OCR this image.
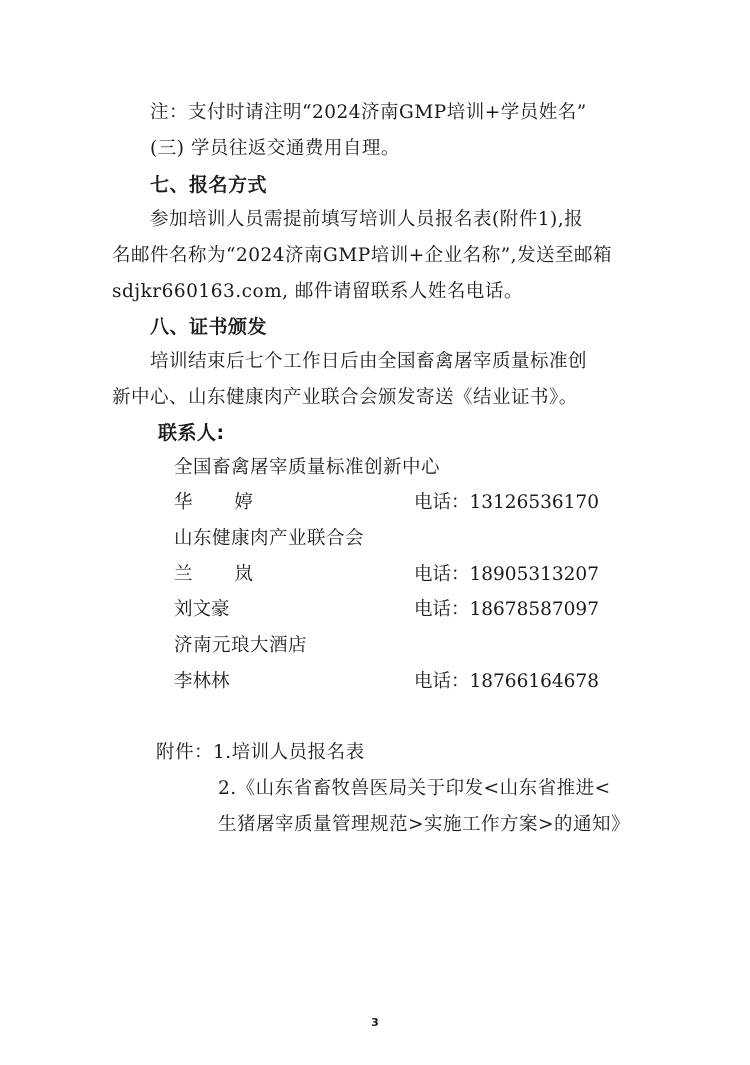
注：支付时请注明“2024济南GMP培训+学员姓名”
(三) 学员往返交通费用自理。
七、报名方式
参加培训人员需提前填写培训人员报名表(附件1),报
名邮件名称为“2024济南GMP培训+企业名称”,发送至邮箱
sdjkr660163.com, 邮件请留联系人姓名电话。
八、证书颁发
培训结束后七个工作日后由全国畜禽屠宰质量标准创
新中心、山东健康肉产业联合会颁发寄送《结业证书》。
联系人:
全国畜禽屠宰质量标准创新中心
华 婷	电话：13126536170
山东健康肉产业联合会
兰 岚	电话：18905313207
刘文豪	电话：18678587097
济南元琅大酒店
李林林	电话：18766164678
附件：1.培训人员报名表
2.《山东省畜牧兽医局关于印发<山东省推进<
生猪屠宰质量管理规范>实施工作方案>的通知》
3
